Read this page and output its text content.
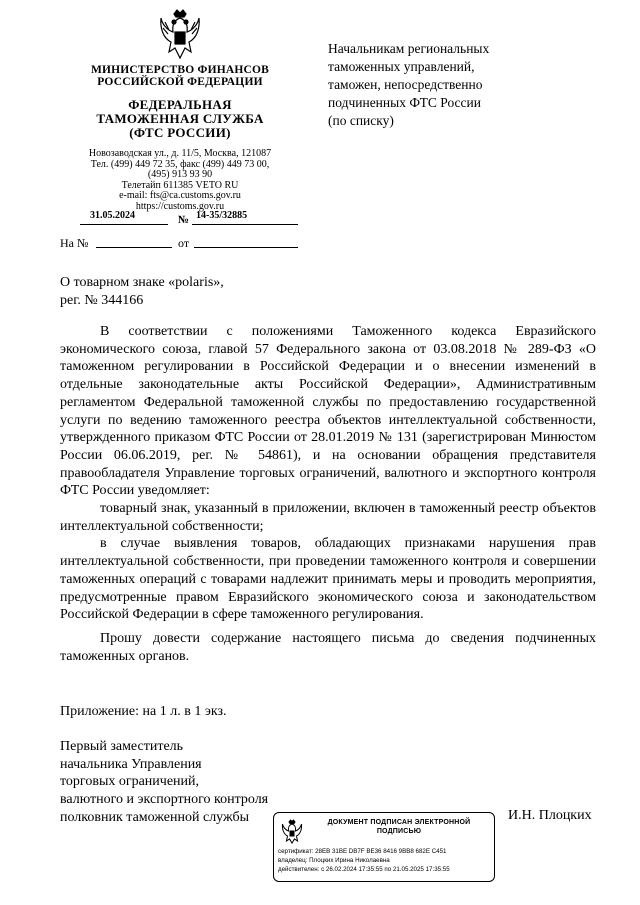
МИНИСТЕРСТВО ФИНАНСОВ
РОССИЙСКОЙ ФЕДЕРАЦИИ
ФЕДЕРАЛЬНАЯ
ТАМОЖЕННАЯ СЛУЖБА
(ФТС РОССИИ)
Новозаводская ул., д. 11/5, Москва, 121087
Тел. (499) 449 72 35, факс (499) 449 73 00,
(495) 913 93 90
Телетайп 611385 VETO RU
e-mail: fts@ca.customs.gov.ru
https://customs.gov.ru
31.05.2024	№ 14-35/32885
На №	от
Начальникам региональных
таможенных управлений,
таможен, непосредственно
подчиненных ФТС России
(по списку)
О товарном знаке «polaris»,
рег. № 344166

В соответствии с положениями Таможенного кодекса Евразийского экономического союза, главой 57 Федерального закона от 03.08.2018 № 289-ФЗ «О таможенном регулировании в Российской Федерации и о внесении изменений в отдельные законодательные акты Российской Федерации», Административным регламентом Федеральной таможенной службы по предоставлению государственной услуги по ведению таможенного реестра объектов интеллектуальной собственности, утвержденного приказом ФТС России от 28.01.2019 № 131 (зарегистрирован Минюстом России 06.06.2019, рег. № 54861), и на основании обращения представителя правообладателя Управление торговых ограничений, валютного и экспортного контроля ФТС России уведомляет:

товарный знак, указанный в приложении, включен в таможенный реестр объектов интеллектуальной собственности;

в случае выявления товаров, обладающих признаками нарушения прав интеллектуальной собственности, при проведении таможенного контроля и совершении таможенных операций с товарами надлежит принимать меры и проводить мероприятия, предусмотренные правом Евразийского экономического союза и законодательством Российской Федерации в сфере таможенного регулирования.

Прошу довести содержание настоящего письма до сведения подчиненных таможенных органов.

Приложение: на 1 л. в 1 экз.
Первый заместитель
начальника Управления
торговых ограничений,
валютного и экспортного контроля
полковник таможенной службы	И.Н. Плоцких
ДОКУМЕНТ ПОДПИСАН ЭЛЕКТРОННОЙ
ПОДПИСЬЮ
сертификат: 28EB 31BE DB7F BE36 8416 9BB8 682E C451
владелец: Плоцких Ирина Николаевна
действителен: с 26.02.2024 17:35:55 по 21.05.2025 17:35:55
